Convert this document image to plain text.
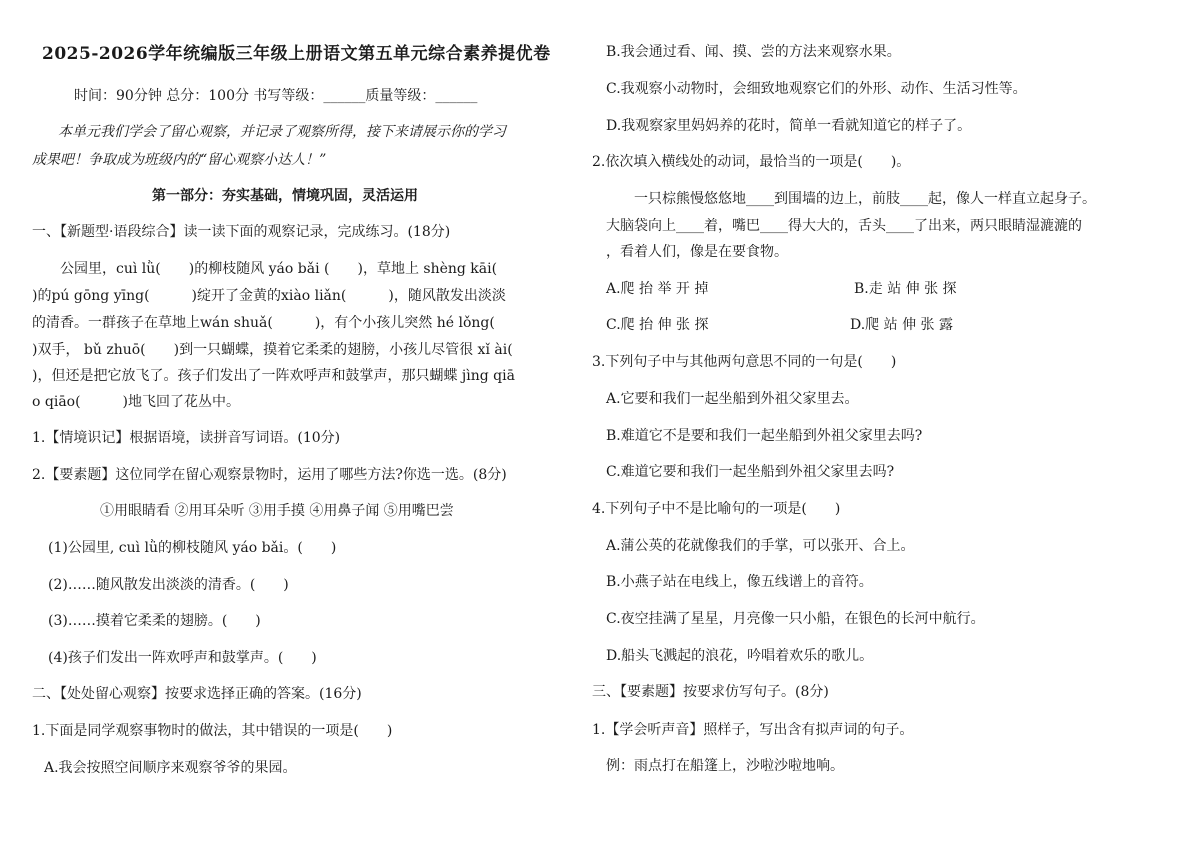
2025-2026学年统编版三年级上册语文第五单元综合素养提优卷
时间：90分钟 总分：100分 书写等级：______质量等级：______
本单元我们学会了留心观察，并记录了观察所得，接下来请展示你的学习
成果吧！争取成为班级内的“留心观察小达人！”
第一部分：夯实基础，情境巩固，灵活运用
一、【新题型·语段综合】读一读下面的观察记录，完成练习。(18分)
公园里，cuì lǜ(　　)的柳枝随风 yáo bǎi (　　)，草地上 shèng kāi(
)的pú gōng yīng(　　　)绽开了金黄的xiào liǎn(　　　)，随风散发出淡淡
的清香。一群孩子在草地上wán shuǎ(　　　)，有个小孩儿突然 hé lǒng(
)双手， bǔ zhuō(　　)到一只蝴蝶，摸着它柔柔的翅膀，小孩儿尽管很 xǐ ài(
)，但还是把它放飞了。孩子们发出了一阵欢呼声和鼓掌声，那只蝴蝶 jìng qiā
o qiāo(　　　)地飞回了花丛中。
1.【情境识记】根据语境，读拼音写词语。(10分)
2.【要素题】这位同学在留心观察景物时，运用了哪些方法?你选一选。(8分)
①用眼睛看 ②用耳朵听 ③用手摸 ④用鼻子闻 ⑤用嘴巴尝
(1)公园里, cuì lǜ的柳枝随风 yáo bǎi。(　　)
(2)……随风散发出淡淡的清香。(　　)
(3)……摸着它柔柔的翅膀。(　　)
(4)孩子们发出一阵欢呼声和鼓掌声。(　　)
二、【处处留心观察】按要求选择正确的答案。(16分)
1.下面是同学观察事物时的做法，其中错误的一项是(　　)
A.我会按照空间顺序来观察爷爷的果园。
B.我会通过看、闻、摸、尝的方法来观察水果。
C.我观察小动物时，会细致地观察它们的外形、动作、生活习性等。
D.我观察家里妈妈养的花时，简单一看就知道它的样子了。
2.依次填入横线处的动词，最恰当的一项是(　　)。
一只棕熊慢悠悠地____到围墙的边上，前肢____起，像人一样直立起身子。
大脑袋向上____着，嘴巴____得大大的，舌头____了出来，两只眼睛湿漉漉的
，看着人们，像是在要食物。
A.爬 抬 举 开 掉	B.走 站 伸 张 探
C.爬 抬 伸 张 探	D.爬 站 伸 张 露
3.下列句子中与其他两句意思不同的一句是(　　)
A.它要和我们一起坐船到外祖父家里去。
B.难道它不是要和我们一起坐船到外祖父家里去吗?
C.难道它要和我们一起坐船到外祖父家里去吗?
4.下列句子中不是比喻句的一项是(　　)
A.蒲公英的花就像我们的手掌，可以张开、合上。
B.小燕子站在电线上，像五线谱上的音符。
C.夜空挂满了星星，月亮像一只小船，在银色的长河中航行。
D.船头飞溅起的浪花，吟唱着欢乐的歌儿。
三、【要素题】按要求仿写句子。(8分)
1.【学会听声音】照样子，写出含有拟声词的句子。
例：雨点打在船篷上，沙啦沙啦地响。
